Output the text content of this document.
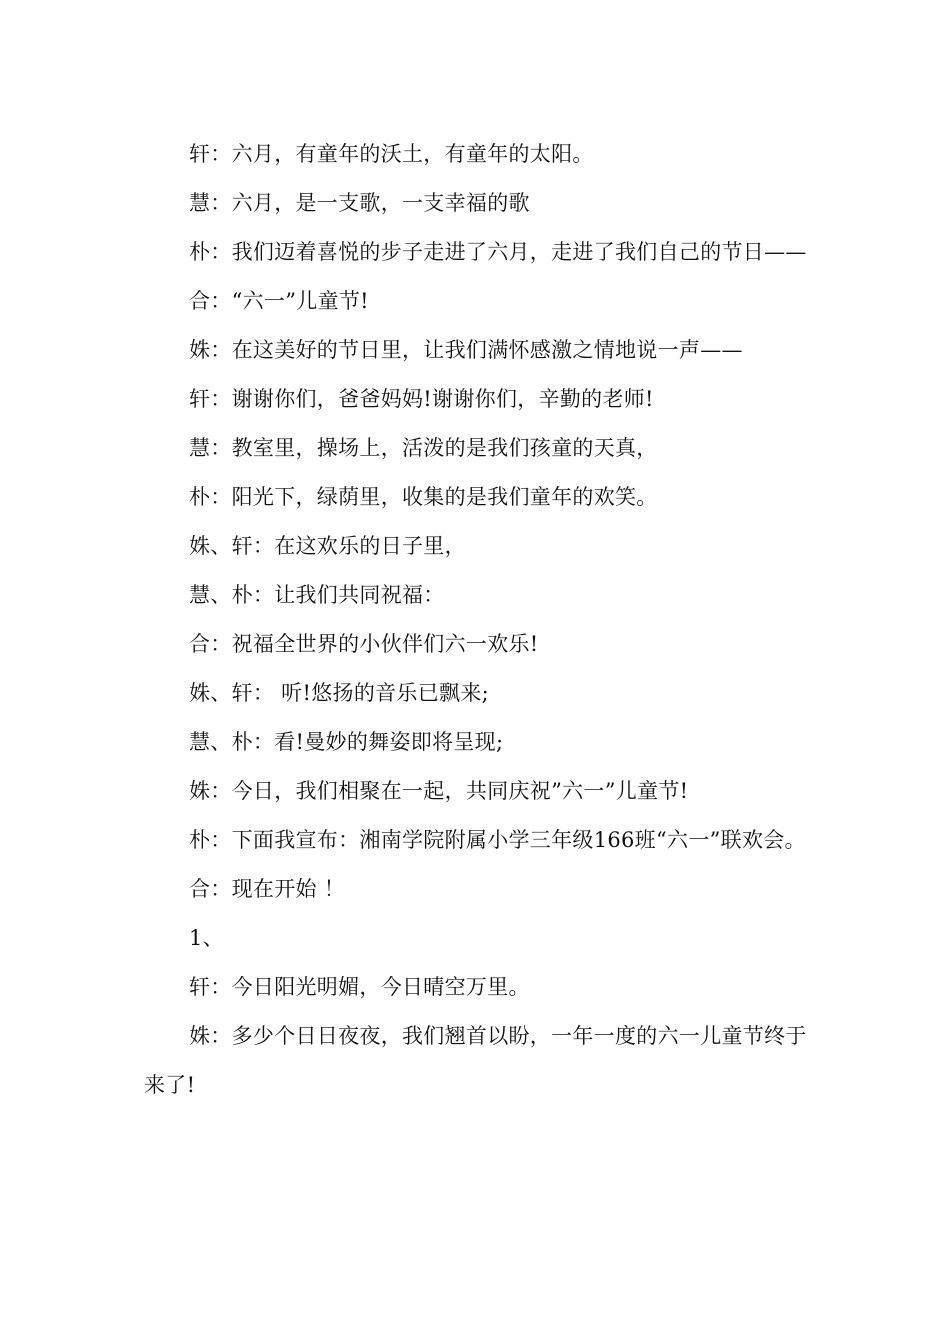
轩：六月，有童年的沃土，有童年的太阳。

慧：六月，是一支歌，一支幸福的歌

朴：我们迈着喜悦的步子走进了六月，走进了我们自己的节日——

合：“六一”儿童节!

姝：在这美好的节日里，让我们满怀感激之情地说一声——

轩：谢谢你们，爸爸妈妈!谢谢你们，辛勤的老师!

慧：教室里，操场上，活泼的是我们孩童的天真，

朴：阳光下，绿荫里，收集的是我们童年的欢笑。

姝、轩：在这欢乐的日子里，

慧、朴：让我们共同祝福：

合：祝福全世界的小伙伴们六一欢乐!

姝、轩： 听!悠扬的音乐已飘来;

慧、朴：看!曼妙的舞姿即将呈现;

姝：今日，我们相聚在一起，共同庆祝”六一”儿童节!

朴：下面我宣布：湘南学院附属小学三年级166班“六一”联欢会。

合：现在开始 ！

1、

轩：今日阳光明媚，今日晴空万里。

姝：多少个日日夜夜，我们翘首以盼，一年一度的六一儿童节终于来了!
